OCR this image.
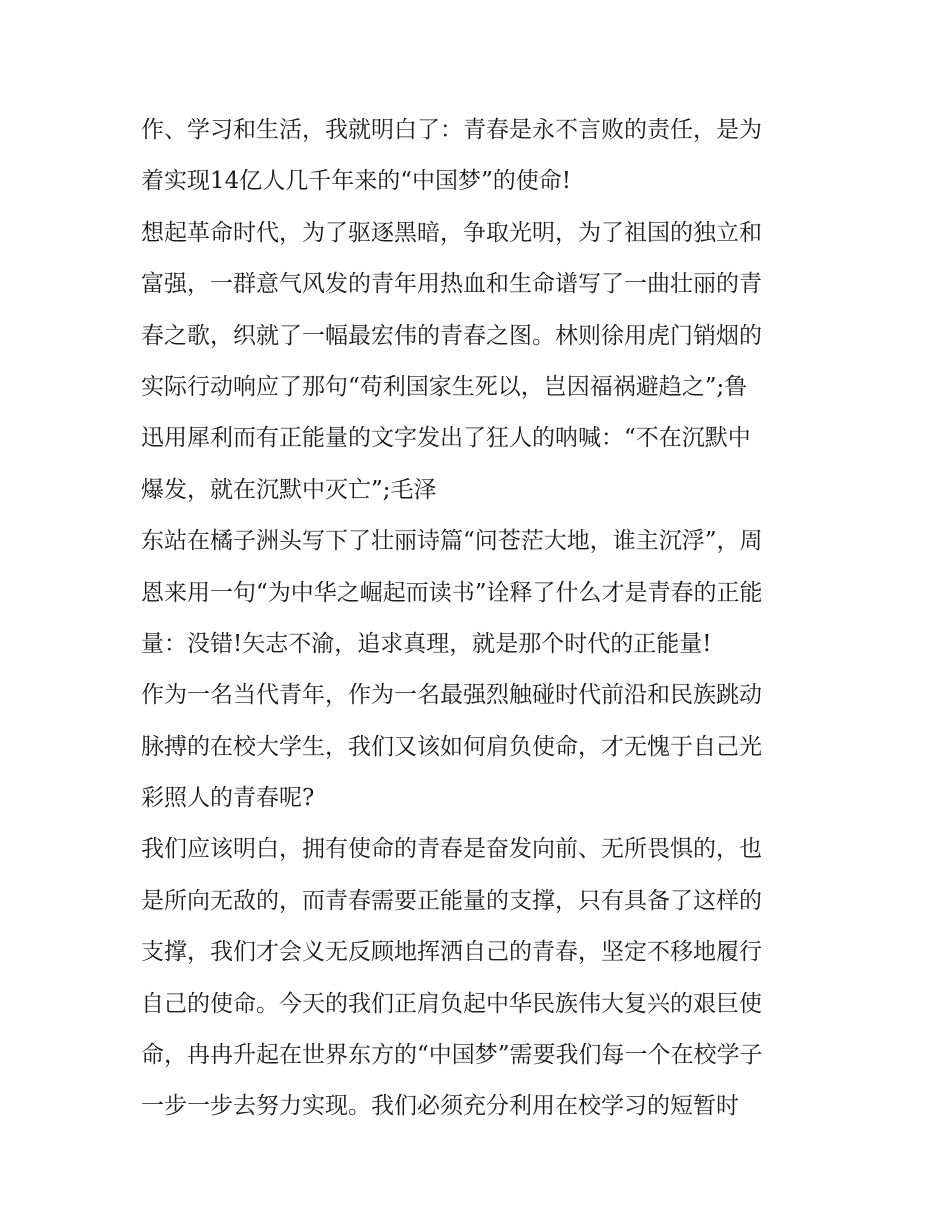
作、学习和生活，我就明白了：青春是永不言败的责任，是为
着实现14亿人几千年来的“中国梦”的使命!
想起革命时代，为了驱逐黑暗，争取光明，为了祖国的独立和
富强，一群意气风发的青年用热血和生命谱写了一曲壮丽的青
春之歌，织就了一幅最宏伟的青春之图。林则徐用虎门销烟的
实际行动响应了那句“苟利国家生死以，岂因福祸避趋之”;鲁
迅用犀利而有正能量的文字发出了狂人的呐喊：“不在沉默中
爆发，就在沉默中灭亡”;毛泽
东站在橘子洲头写下了壮丽诗篇“问苍茫大地，谁主沉浮”，周
恩来用一句“为中华之崛起而读书”诠释了什么才是青春的正能
量：没错!矢志不渝，追求真理，就是那个时代的正能量!
作为一名当代青年，作为一名最强烈触碰时代前沿和民族跳动
脉搏的在校大学生，我们又该如何肩负使命，才无愧于自己光
彩照人的青春呢?
我们应该明白，拥有使命的青春是奋发向前、无所畏惧的，也
是所向无敌的，而青春需要正能量的支撑，只有具备了这样的
支撑，我们才会义无反顾地挥洒自己的青春，坚定不移地履行
自己的使命。今天的我们正肩负起中华民族伟大复兴的艰巨使
命，冉冉升起在世界东方的“中国梦”需要我们每一个在校学子
一步一步去努力实现。我们必须充分利用在校学习的短暂时
